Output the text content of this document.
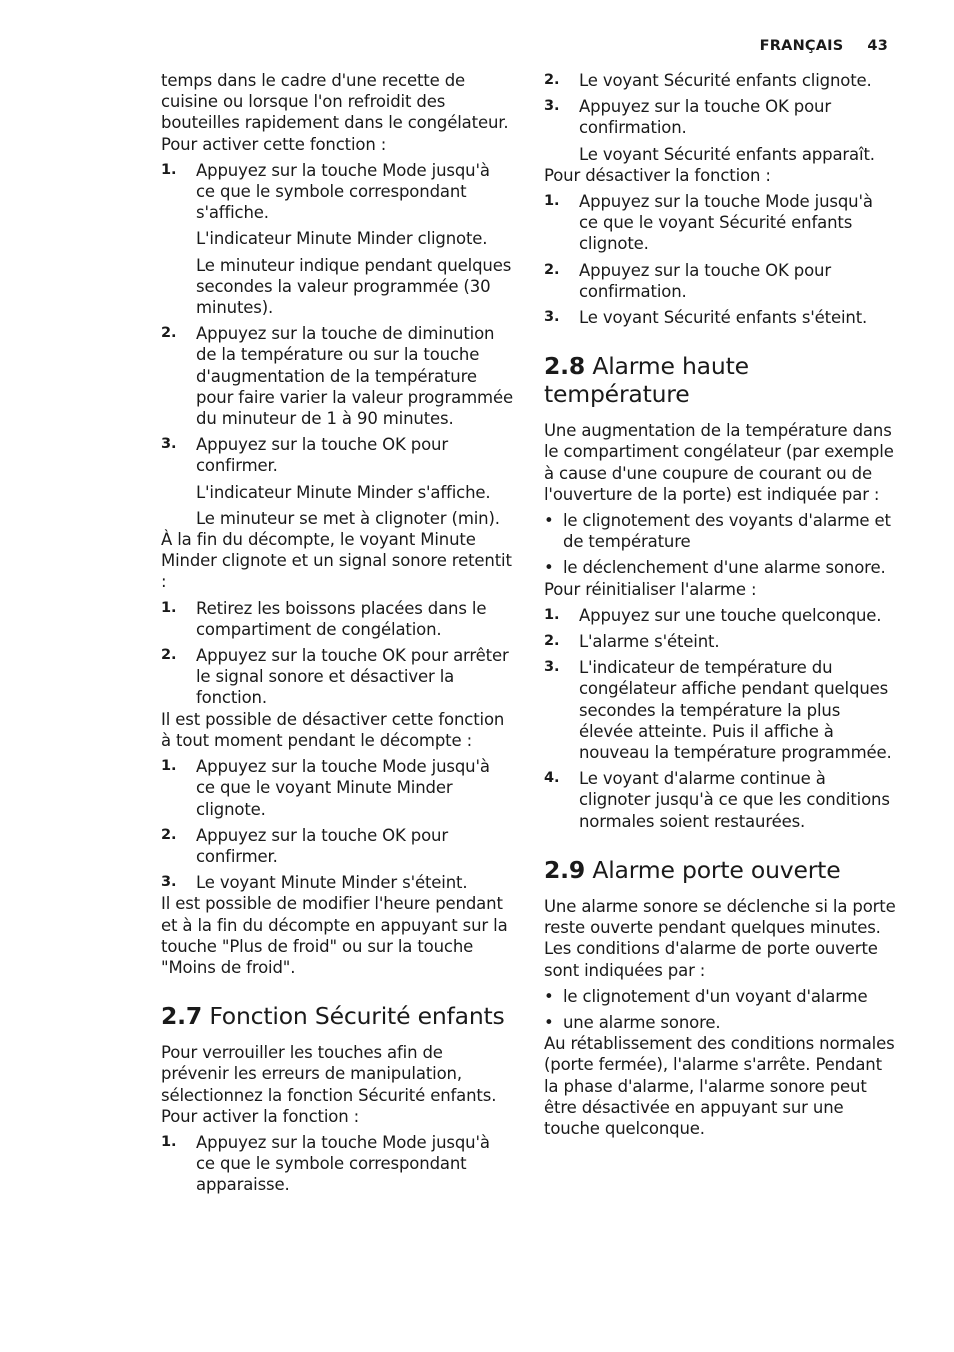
FRANÇAIS 43

temps dans le cadre d'une recette de cuisine ou lorsque l'on refroidit des bouteilles rapidement dans le congélateur.

Pour activer cette fonction :

1. Appuyez sur la touche Mode jusqu'à ce que le symbole correspondant s'affiche.
L'indicateur Minute Minder clignote.
Le minuteur indique pendant quelques secondes la valeur programmée (30 minutes).
2. Appuyez sur la touche de diminution de la température ou sur la touche d'augmentation de la température pour faire varier la valeur programmée du minuteur de 1 à 90 minutes.
3. Appuyez sur la touche OK pour confirmer.
L'indicateur Minute Minder s'affiche.
Le minuteur se met à clignoter (min).

À la fin du décompte, le voyant Minute Minder clignote et un signal sonore retentit :

1. Retirez les boissons placées dans le compartiment de congélation.
2. Appuyez sur la touche OK pour arrêter le signal sonore et désactiver la fonction.

Il est possible de désactiver cette fonction à tout moment pendant le décompte :

1. Appuyez sur la touche Mode jusqu'à ce que le voyant Minute Minder clignote.
2. Appuyez sur la touche OK pour confirmer.
3. Le voyant Minute Minder s'éteint.

Il est possible de modifier l'heure pendant et à la fin du décompte en appuyant sur la touche "Plus de froid" ou sur la touche "Moins de froid".

2.7 Fonction Sécurité enfants

Pour verrouiller les touches afin de prévenir les erreurs de manipulation, sélectionnez la fonction Sécurité enfants.

Pour activer la fonction :

1. Appuyez sur la touche Mode jusqu'à ce que le symbole correspondant apparaisse.
2. Le voyant Sécurité enfants clignote.
3. Appuyez sur la touche OK pour confirmation.
Le voyant Sécurité enfants apparaît.

Pour désactiver la fonction :

1. Appuyez sur la touche Mode jusqu'à ce que le voyant Sécurité enfants clignote.
2. Appuyez sur la touche OK pour confirmation.
3. Le voyant Sécurité enfants s'éteint.
2.8 Alarme haute température

Une augmentation de la température dans le compartiment congélateur (par exemple à cause d'une coupure de courant ou de l'ouverture de la porte) est indiquée par :

• le clignotement des voyants d'alarme et de température
• le déclenchement d'une alarme sonore.

Pour réinitialiser l'alarme :

1. Appuyez sur une touche quelconque.
2. L'alarme s'éteint.
3. L'indicateur de température du congélateur affiche pendant quelques secondes la température la plus élevée atteinte. Puis il affiche à nouveau la température programmée.
4. Le voyant d'alarme continue à clignoter jusqu'à ce que les conditions normales soient restaurées.
2.9 Alarme porte ouverte

Une alarme sonore se déclenche si la porte reste ouverte pendant quelques minutes. Les conditions d'alarme de porte ouverte sont indiquées par :

• le clignotement d'un voyant d'alarme
• une alarme sonore.

Au rétablissement des conditions normales (porte fermée), l'alarme s'arrête. Pendant la phase d'alarme, l'alarme sonore peut être désactivée en appuyant sur une touche quelconque.
